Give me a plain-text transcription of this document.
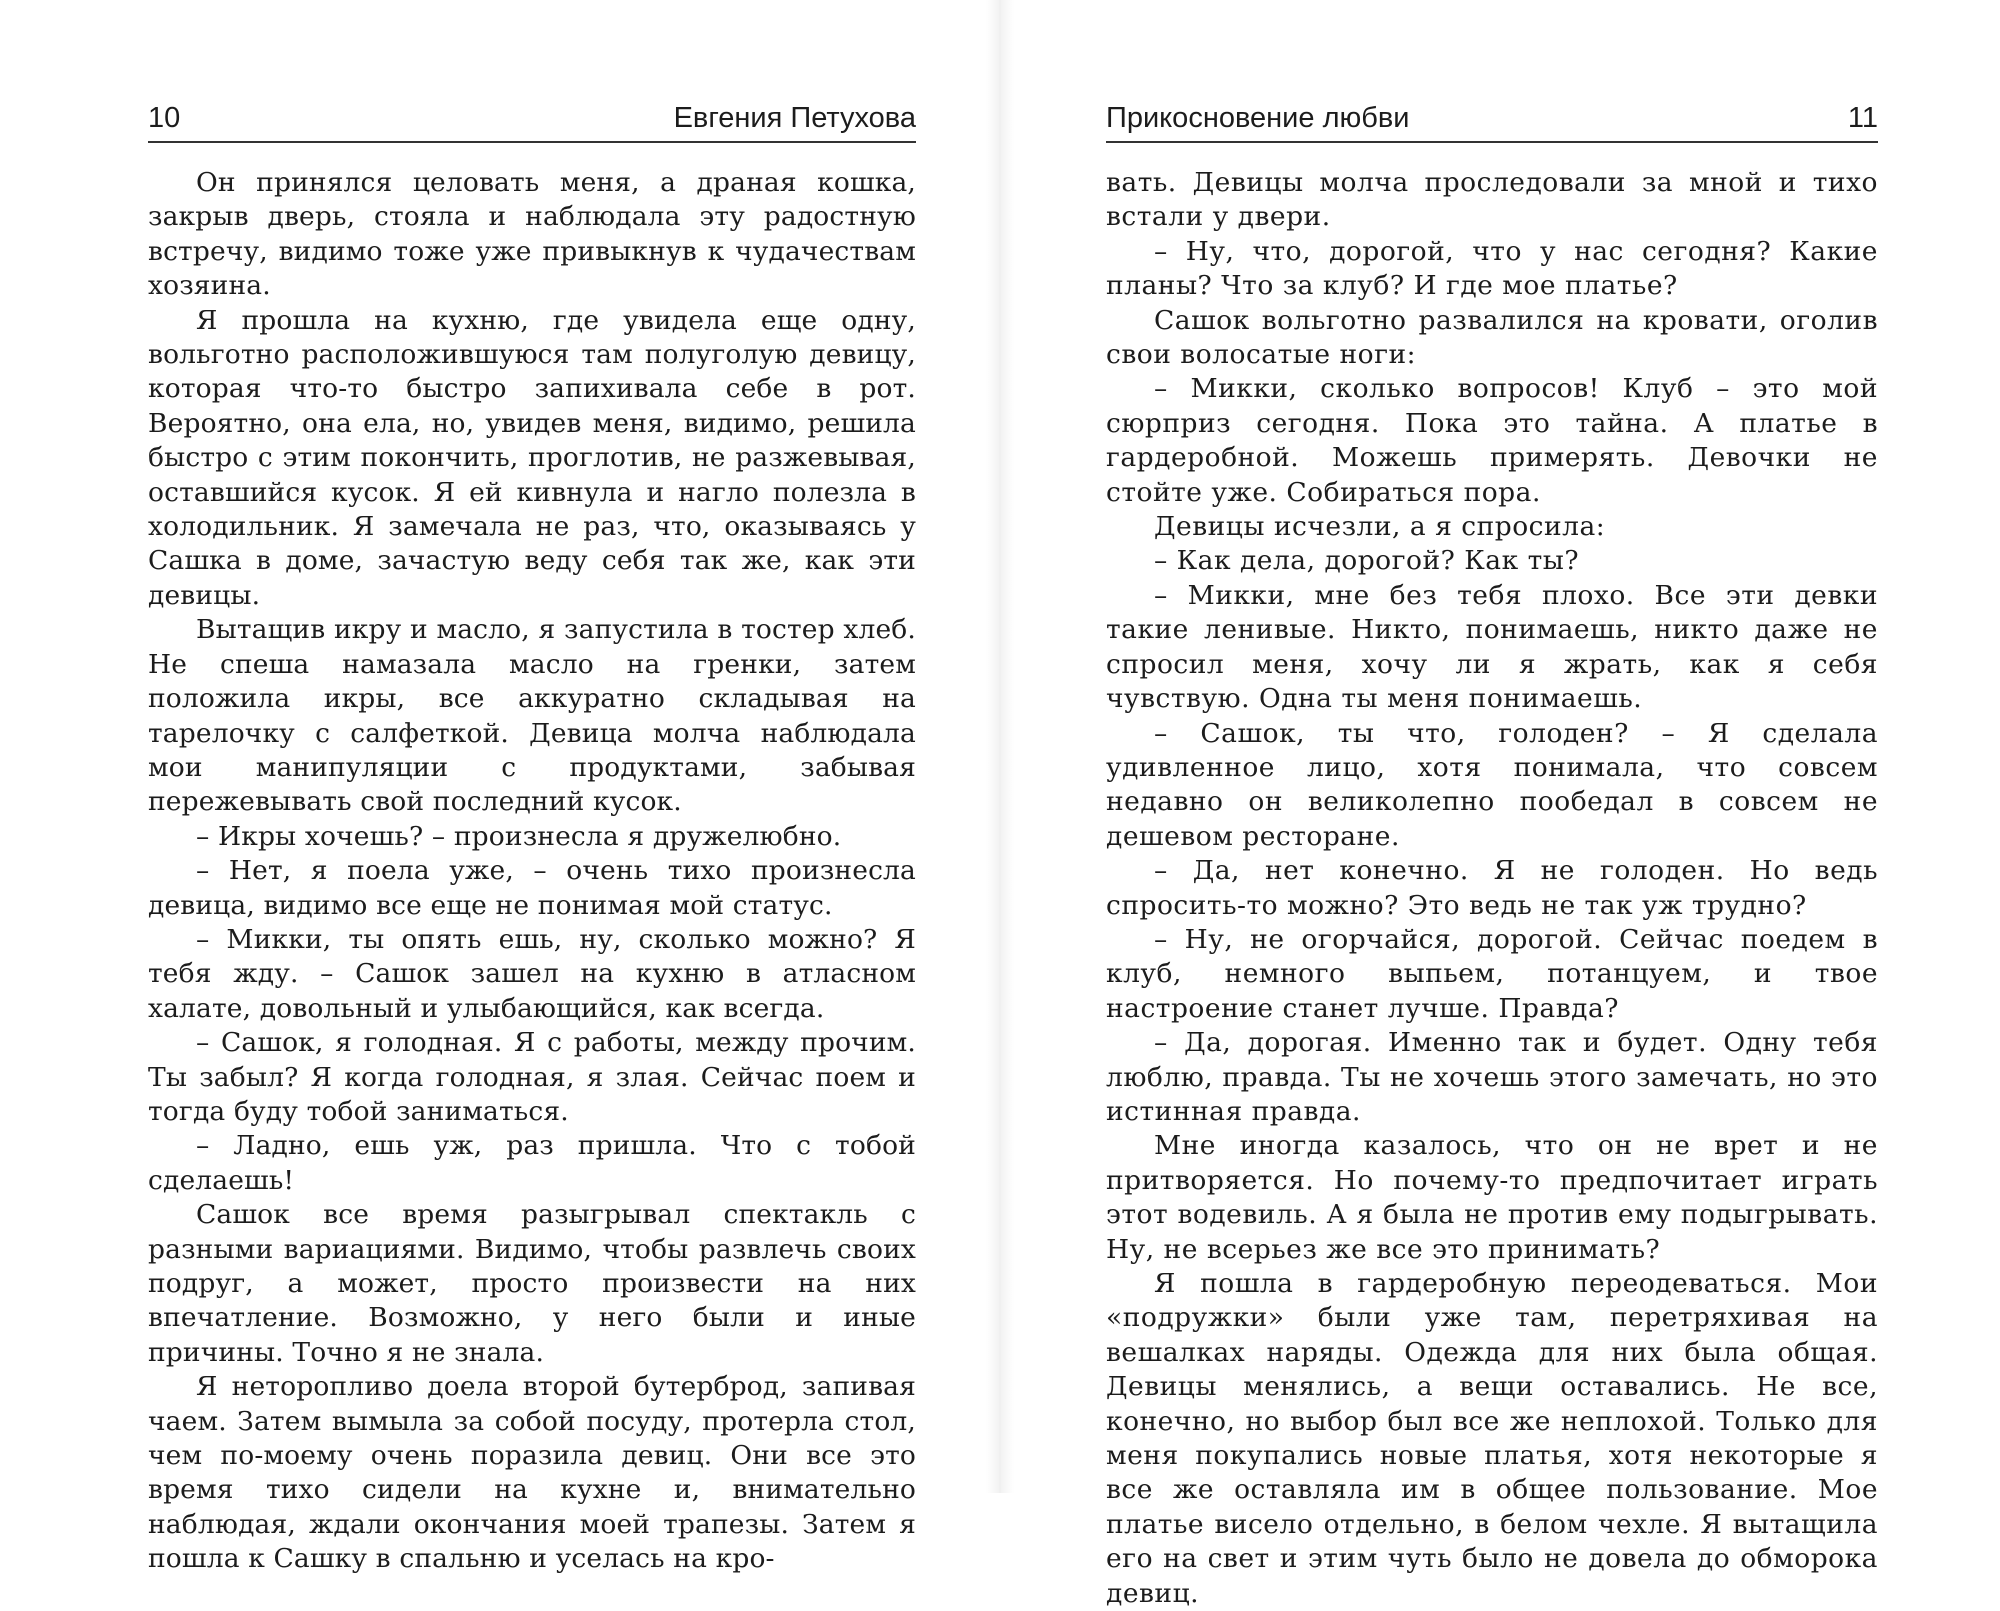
10	Евгения Петухова

Он принялся целовать меня, а драная кошка, закрыв дверь, стояла и наблюдала эту радостную встречу, видимо тоже уже привыкнув к чудачествам хозяина.

Я прошла на кухню, где увидела еще одну, вольготно расположившуюся там полуголую девицу, которая что-то быстро запихивала себе в рот. Вероятно, она ела, но, увидев меня, видимо, решила быстро с этим покончить, проглотив, не разжевывая, оставшийся кусок. Я ей кивнула и нагло полезла в холодильник. Я замечала не раз, что, оказываясь у Сашка в доме, зачастую веду себя так же, как эти девицы.

Вытащив икру и масло, я запустила в тостер хлеб. Не спеша намазала масло на гренки, затем положила икры, все аккуратно складывая на тарелочку с салфеткой. Девица молча наблюдала мои манипуляции с продуктами, забывая пережевывать свой последний кусок.

– Икры хочешь? – произнесла я дружелюбно.

– Нет, я поела уже, – очень тихо произнесла девица, видимо все еще не понимая мой статус.

– Микки, ты опять ешь, ну, сколько можно? Я тебя жду. – Сашок зашел на кухню в атласном халате, довольный и улыбающийся, как всегда.

– Сашок, я голодная. Я с работы, между прочим. Ты забыл? Я когда голодная, я злая. Сейчас поем и тогда буду тобой заниматься.

– Ладно, ешь уж, раз пришла. Что с тобой сделаешь!

Сашок все время разыгрывал спектакль с разными вариациями. Видимо, чтобы развлечь своих подруг, а может, просто произвести на них впечатление. Возможно, у него были и иные причины. Точно я не знала.

Я неторопливо доела второй бутерброд, запивая чаем. Затем вымыла за собой посуду, протерла стол, чем по-моему очень поразила девиц. Они все это время тихо сидели на кухне и, внимательно наблюдая, ждали окончания моей трапезы. Затем я пошла к Сашку в спальню и уселась на кро-

Прикосновение любви	11

вать. Девицы молча проследовали за мной и тихо встали у двери.

– Ну, что, дорогой, что у нас сегодня? Какие планы? Что за клуб? И где мое платье?

Сашок вольготно развалился на кровати, оголив свои волосатые ноги:

– Микки, сколько вопросов! Клуб – это мой сюрприз сегодня. Пока это тайна. А платье в гардеробной. Можешь примерять. Девочки не стойте уже. Собираться пора.

Девицы исчезли, а я спросила:

– Как дела, дорогой? Как ты?

– Микки, мне без тебя плохо. Все эти девки такие ленивые. Никто, понимаешь, никто даже не спросил меня, хочу ли я жрать, как я себя чувствую. Одна ты меня понимаешь.

– Сашок, ты что, голоден? – Я сделала удивленное лицо, хотя понимала, что совсем недавно он великолепно пообедал в совсем не дешевом ресторане.

– Да, нет конечно. Я не голоден. Но ведь спросить-то можно? Это ведь не так уж трудно?

– Ну, не огорчайся, дорогой. Сейчас поедем в клуб, немного выпьем, потанцуем, и твое настроение станет лучше. Правда?

– Да, дорогая. Именно так и будет. Одну тебя люблю, правда. Ты не хочешь этого замечать, но это истинная правда.

Мне иногда казалось, что он не врет и не притворяется. Но почему-то предпочитает играть этот водевиль. А я была не против ему подыгрывать. Ну, не всерьез же все это принимать?

Я пошла в гардеробную переодеваться. Мои «подружки» были уже там, перетряхивая на вешалках наряды. Одежда для них была общая. Девицы менялись, а вещи оставались. Не все, конечно, но выбор был все же неплохой. Только для меня покупались новые платья, хотя некоторые я все же оставляла им в общее пользование. Мое платье висело отдельно, в белом чехле. Я вытащила его на свет и этим чуть было не довела до обморока девиц.
